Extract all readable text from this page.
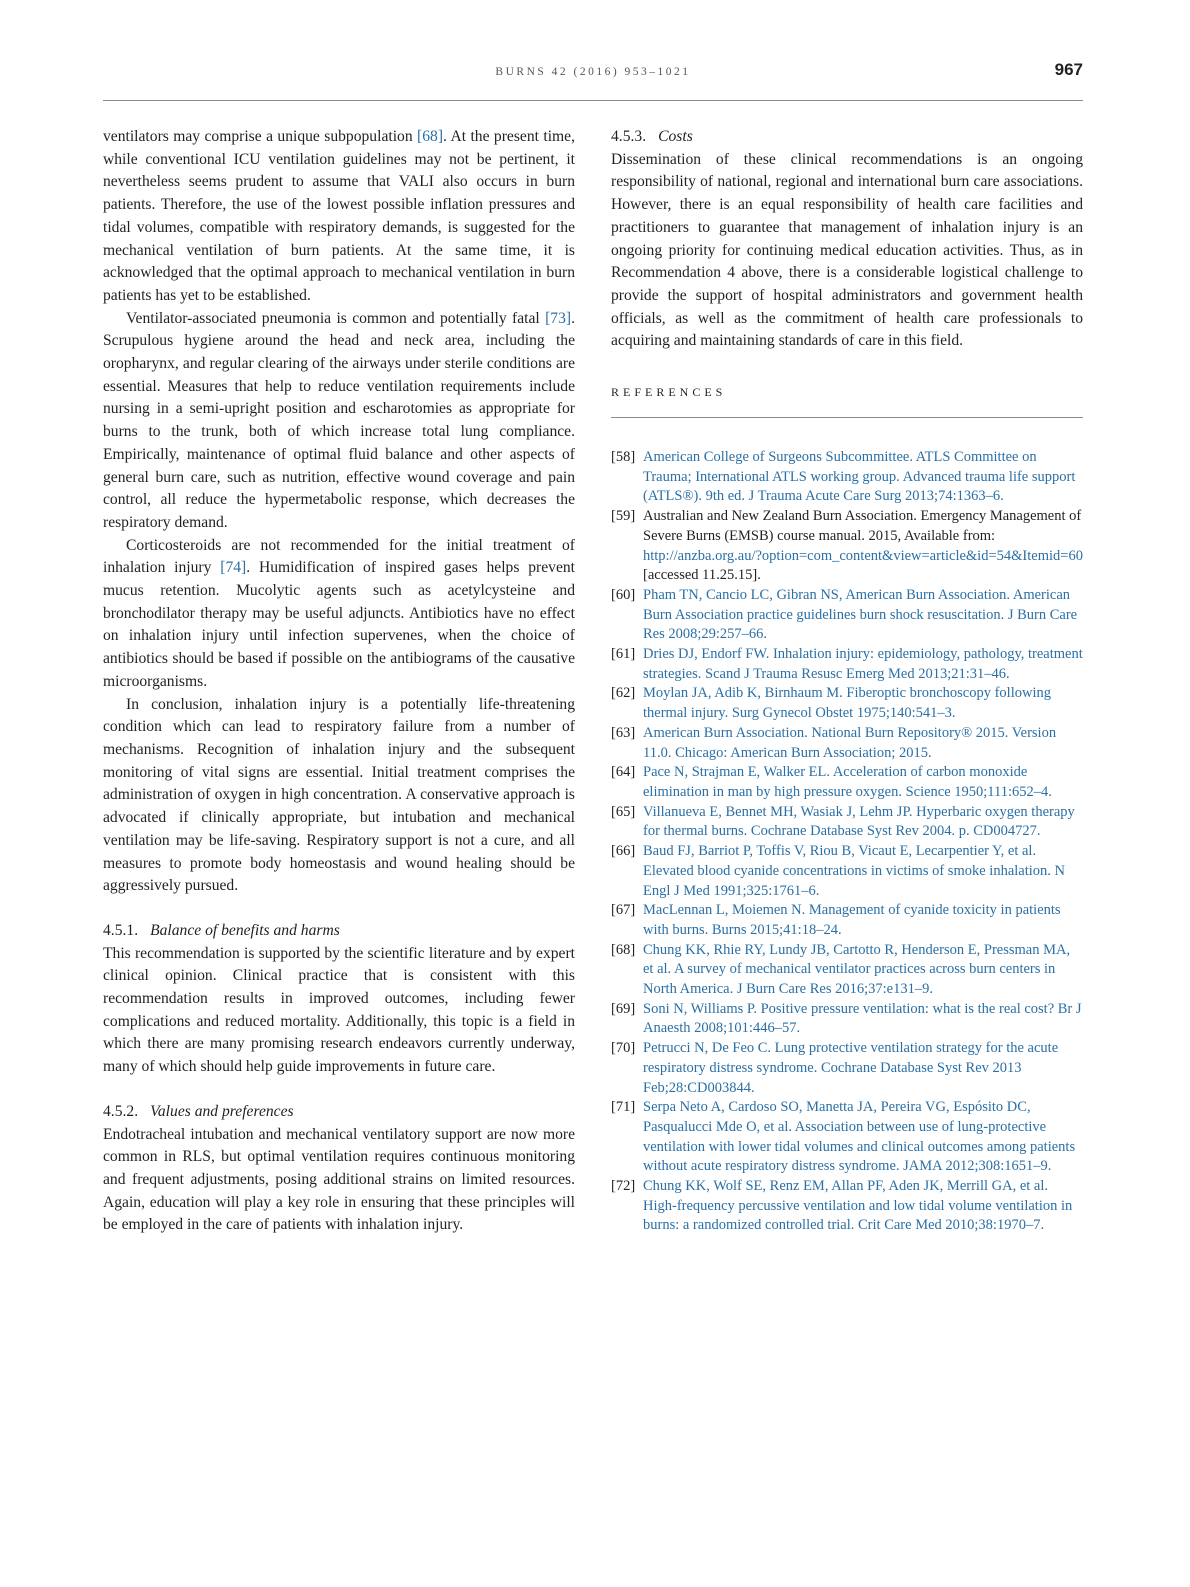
BURNS 42 (2016) 953–1021	967

ventilators may comprise a unique subpopulation [68]. At the present time, while conventional ICU ventilation guidelines may not be pertinent, it nevertheless seems prudent to assume that VALI also occurs in burn patients. Therefore, the use of the lowest possible inflation pressures and tidal volumes, compatible with respiratory demands, is suggested for the mechanical ventilation of burn patients. At the same time, it is acknowledged that the optimal approach to mechanical ventilation in burn patients has yet to be established.

Ventilator-associated pneumonia is common and potentially fatal [73]. Scrupulous hygiene around the head and neck area, including the oropharynx, and regular clearing of the airways under sterile conditions are essential. Measures that help to reduce ventilation requirements include nursing in a semi-upright position and escharotomies as appropriate for burns to the trunk, both of which increase total lung compliance. Empirically, maintenance of optimal fluid balance and other aspects of general burn care, such as nutrition, effective wound coverage and pain control, all reduce the hypermetabolic response, which decreases the respiratory demand.

Corticosteroids are not recommended for the initial treatment of inhalation injury [74]. Humidification of inspired gases helps prevent mucus retention. Mucolytic agents such as acetylcysteine and bronchodilator therapy may be useful adjuncts. Antibiotics have no effect on inhalation injury until infection supervenes, when the choice of antibiotics should be based if possible on the antibiograms of the causative microorganisms.

In conclusion, inhalation injury is a potentially life-threatening condition which can lead to respiratory failure from a number of mechanisms. Recognition of inhalation injury and the subsequent monitoring of vital signs are essential. Initial treatment comprises the administration of oxygen in high concentration. A conservative approach is advocated if clinically appropriate, but intubation and mechanical ventilation may be life-saving. Respiratory support is not a cure, and all measures to promote body homeostasis and wound healing should be aggressively pursued.

4.5.1. Balance of benefits and harms

This recommendation is supported by the scientific literature and by expert clinical opinion. Clinical practice that is consistent with this recommendation results in improved outcomes, including fewer complications and reduced mortality. Additionally, this topic is a field in which there are many promising research endeavors currently underway, many of which should help guide improvements in future care.

4.5.2. Values and preferences

Endotracheal intubation and mechanical ventilatory support are now more common in RLS, but optimal ventilation requires continuous monitoring and frequent adjustments, posing additional strains on limited resources. Again, education will play a key role in ensuring that these principles will be employed in the care of patients with inhalation injury.

4.5.3. Costs

Dissemination of these clinical recommendations is an ongoing responsibility of national, regional and international burn care associations. However, there is an equal responsibility of health care facilities and practitioners to guarantee that management of inhalation injury is an ongoing priority for continuing medical education activities. Thus, as in Recommendation 4 above, there is a considerable logistical challenge to provide the support of hospital administrators and government health officials, as well as the commitment of health care professionals to acquiring and maintaining standards of care in this field.

REFERENCES
[58] American College of Surgeons Subcommittee. ATLS Committee on Trauma; International ATLS working group. Advanced trauma life support (ATLS®). 9th ed. J Trauma Acute Care Surg 2013;74:1363–6.
[59] Australian and New Zealand Burn Association. Emergency Management of Severe Burns (EMSB) course manual. 2015, Available from: http://anzba.org.au/?option=com_content&view=article&id=54&Itemid=60 [accessed 11.25.15].
[60] Pham TN, Cancio LC, Gibran NS, American Burn Association. American Burn Association practice guidelines burn shock resuscitation. J Burn Care Res 2008;29:257–66.
[61] Dries DJ, Endorf FW. Inhalation injury: epidemiology, pathology, treatment strategies. Scand J Trauma Resusc Emerg Med 2013;21:31–46.
[62] Moylan JA, Adib K, Birnhaum M. Fiberoptic bronchoscopy following thermal injury. Surg Gynecol Obstet 1975;140:541–3.
[63] American Burn Association. National Burn Repository® 2015. Version 11.0. Chicago: American Burn Association; 2015.
[64] Pace N, Strajman E, Walker EL. Acceleration of carbon monoxide elimination in man by high pressure oxygen. Science 1950;111:652–4.
[65] Villanueva E, Bennet MH, Wasiak J, Lehm JP. Hyperbaric oxygen therapy for thermal burns. Cochrane Database Syst Rev 2004. p. CD004727.
[66] Baud FJ, Barriot P, Toffis V, Riou B, Vicaut E, Lecarpentier Y, et al. Elevated blood cyanide concentrations in victims of smoke inhalation. N Engl J Med 1991;325:1761–6.
[67] MacLennan L, Moiemen N. Management of cyanide toxicity in patients with burns. Burns 2015;41:18–24.
[68] Chung KK, Rhie RY, Lundy JB, Cartotto R, Henderson E, Pressman MA, et al. A survey of mechanical ventilator practices across burn centers in North America. J Burn Care Res 2016;37:e131–9.
[69] Soni N, Williams P. Positive pressure ventilation: what is the real cost? Br J Anaesth 2008;101:446–57.
[70] Petrucci N, De Feo C. Lung protective ventilation strategy for the acute respiratory distress syndrome. Cochrane Database Syst Rev 2013 Feb;28:CD003844.
[71] Serpa Neto A, Cardoso SO, Manetta JA, Pereira VG, Espósito DC, Pasqualucci Mde O, et al. Association between use of lung-protective ventilation with lower tidal volumes and clinical outcomes among patients without acute respiratory distress syndrome. JAMA 2012;308:1651–9.
[72] Chung KK, Wolf SE, Renz EM, Allan PF, Aden JK, Merrill GA, et al. High-frequency percussive ventilation and low tidal volume ventilation in burns: a randomized controlled trial. Crit Care Med 2010;38:1970–7.
